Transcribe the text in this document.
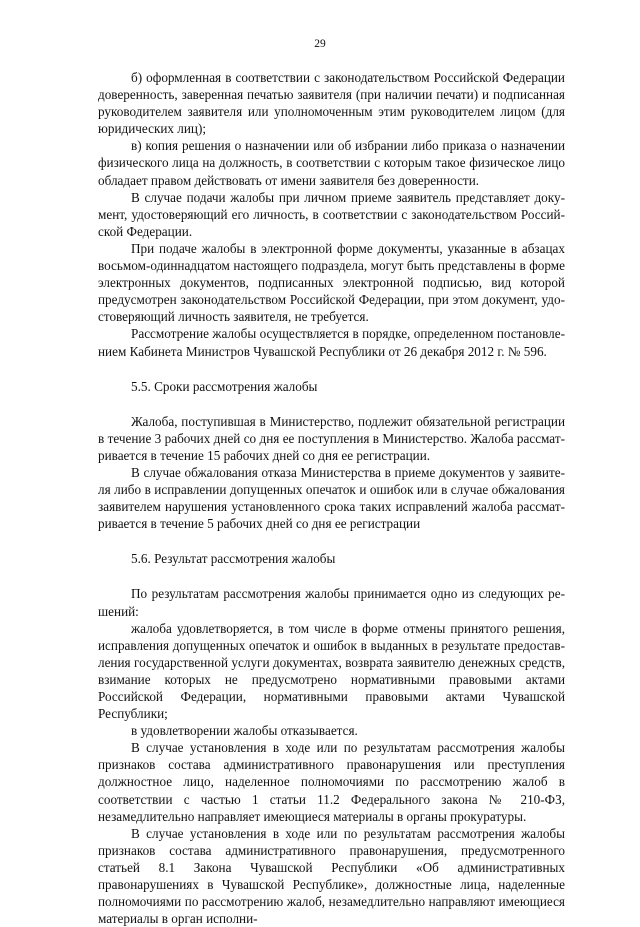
29

б) оформленная в соответствии с законодательством Российской Федерации доверенность, заверенная печатью заявителя (при наличии печати) и подписанная руководителем заявителя или уполномоченным этим руководителем лицом (для юридических лиц);

в) копия решения о назначении или об избрании либо приказа о назначении физического лица на должность, в соответствии с которым такое физическое лицо обладает правом действовать от имени заявителя без доверенности.

В случае подачи жалобы при личном приеме заявитель представляет документ, удостоверяющий его личность, в соответствии с законодательством Российской Федерации.

При подаче жалобы в электронной форме документы, указанные в абзацах восьмом-одиннадцатом настоящего подраздела, могут быть представлены в форме электронных документов, подписанных электронной подписью, вид которой предусмотрен законодательством Российской Федерации, при этом документ, удостоверяющий личность заявителя, не требуется.

Рассмотрение жалобы осуществляется в порядке, определенном постановлением Кабинета Министров Чувашской Республики от 26 декабря 2012 г. № 596.

5.5. Сроки рассмотрения жалобы

Жалоба, поступившая в Министерство, подлежит обязательной регистрации в течение 3 рабочих дней со дня ее поступления в Министерство. Жалоба рассматривается в течение 15 рабочих дней со дня ее регистрации.

В случае обжалования отказа Министерства в приеме документов у заявителя либо в исправлении допущенных опечаток и ошибок или в случае обжалования заявителем нарушения установленного срока таких исправлений жалоба рассматривается в течение 5 рабочих дней со дня ее регистрации

5.6. Результат рассмотрения жалобы

По результатам рассмотрения жалобы принимается одно из следующих решений:

жалоба удовлетворяется, в том числе в форме отмены принятого решения, исправления допущенных опечаток и ошибок в выданных в результате предоставления государственной услуги документах, возврата заявителю денежных средств, взимание которых не предусмотрено нормативными правовыми актами Российской Федерации, нормативными правовыми актами Чувашской Республики;

в удовлетворении жалобы отказывается.

В случае установления в ходе или по результатам рассмотрения жалобы признаков состава административного правонарушения или преступления должностное лицо, наделенное полномочиями по рассмотрению жалоб в соответствии с частью 1 статьи 11.2 Федерального закона № 210-ФЗ, незамедлительно направляет имеющиеся материалы в органы прокуратуры.

В случае установления в ходе или по результатам рассмотрения жалобы признаков состава административного правонарушения, предусмотренного статьей 8.1 Закона Чувашской Республики «Об административных правонарушениях в Чувашской Республике», должностные лица, наделенные полномочиями по рассмотрению жалоб, незамедлительно направляют имеющиеся материалы в орган исполни-
